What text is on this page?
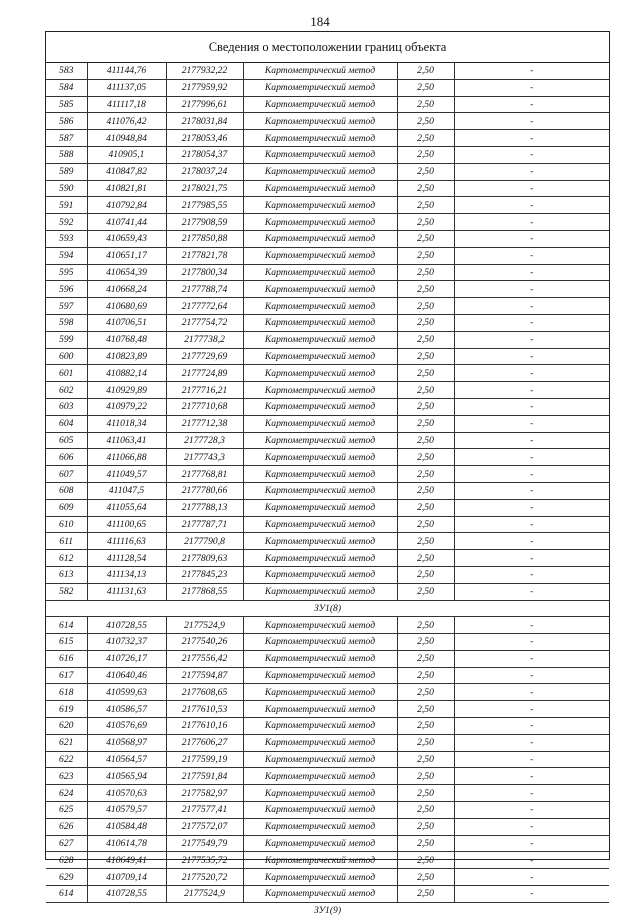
184
Сведения о местоположении границ объекта
583	411144,76	2177932,22	Картометрический метод	2,50	-
584	411137,05	2177959,92	Картометрический метод	2,50	-
585	411117,18	2177996,61	Картометрический метод	2,50	-
586	411076,42	2178031,84	Картометрический метод	2,50	-
587	410948,84	2178053,46	Картометрический метод	2,50	-
588	410905,1	2178054,37	Картометрический метод	2,50	-
589	410847,82	2178037,24	Картометрический метод	2,50	-
590	410821,81	2178021,75	Картометрический метод	2,50	-
591	410792,84	2177985,55	Картометрический метод	2,50	-
592	410741,44	2177908,59	Картометрический метод	2,50	-
593	410659,43	2177850,88	Картометрический метод	2,50	-
594	410651,17	2177821,78	Картометрический метод	2,50	-
595	410654,39	2177800,34	Картометрический метод	2,50	-
596	410668,24	2177788,74	Картометрический метод	2,50	-
597	410680,69	2177772,64	Картометрический метод	2,50	-
598	410706,51	2177754,72	Картометрический метод	2,50	-
599	410768,48	2177738,2	Картометрический метод	2,50	-
600	410823,89	2177729,69	Картометрический метод	2,50	-
601	410882,14	2177724,89	Картометрический метод	2,50	-
602	410929,89	2177716,21	Картометрический метод	2,50	-
603	410979,22	2177710,68	Картометрический метод	2,50	-
604	411018,34	2177712,38	Картометрический метод	2,50	-
605	411063,41	2177728,3	Картометрический метод	2,50	-
606	411066,88	2177743,3	Картометрический метод	2,50	-
607	411049,57	2177768,81	Картометрический метод	2,50	-
608	411047,5	2177780,66	Картометрический метод	2,50	-
609	411055,64	2177788,13	Картометрический метод	2,50	-
610	411100,65	2177787,71	Картометрический метод	2,50	-
611	411116,63	2177790,8	Картометрический метод	2,50	-
612	411128,54	2177809,63	Картометрический метод	2,50	-
613	411134,13	2177845,23	Картометрический метод	2,50	-
582	411131,63	2177868,55	Картометрический метод	2,50	-
ЗУ1(8)					
614	410728,55	2177524,9	Картометрический метод	2,50	-
615	410732,37	2177540,26	Картометрический метод	2,50	-
616	410726,17	2177556,42	Картометрический метод	2,50	-
617	410640,46	2177594,87	Картометрический метод	2,50	-
618	410599,63	2177608,65	Картометрический метод	2,50	-
619	410586,57	2177610,53	Картометрический метод	2,50	-
620	410576,69	2177610,16	Картометрический метод	2,50	-
621	410568,97	2177606,27	Картометрический метод	2,50	-
622	410564,57	2177599,19	Картометрический метод	2,50	-
623	410565,94	2177591,84	Картометрический метод	2,50	-
624	410570,63	2177582,97	Картометрический метод	2,50	-
625	410579,57	2177577,41	Картометрический метод	2,50	-
626	410584,48	2177572,07	Картометрический метод	2,50	-
627	410614,78	2177549,79	Картометрический метод	2,50	-
628	410649,41	2177535,72	Картометрический метод	2,50	-
629	410709,14	2177520,72	Картометрический метод	2,50	-
614	410728,55	2177524,9	Картометрический метод	2,50	-
ЗУ1(9)					
